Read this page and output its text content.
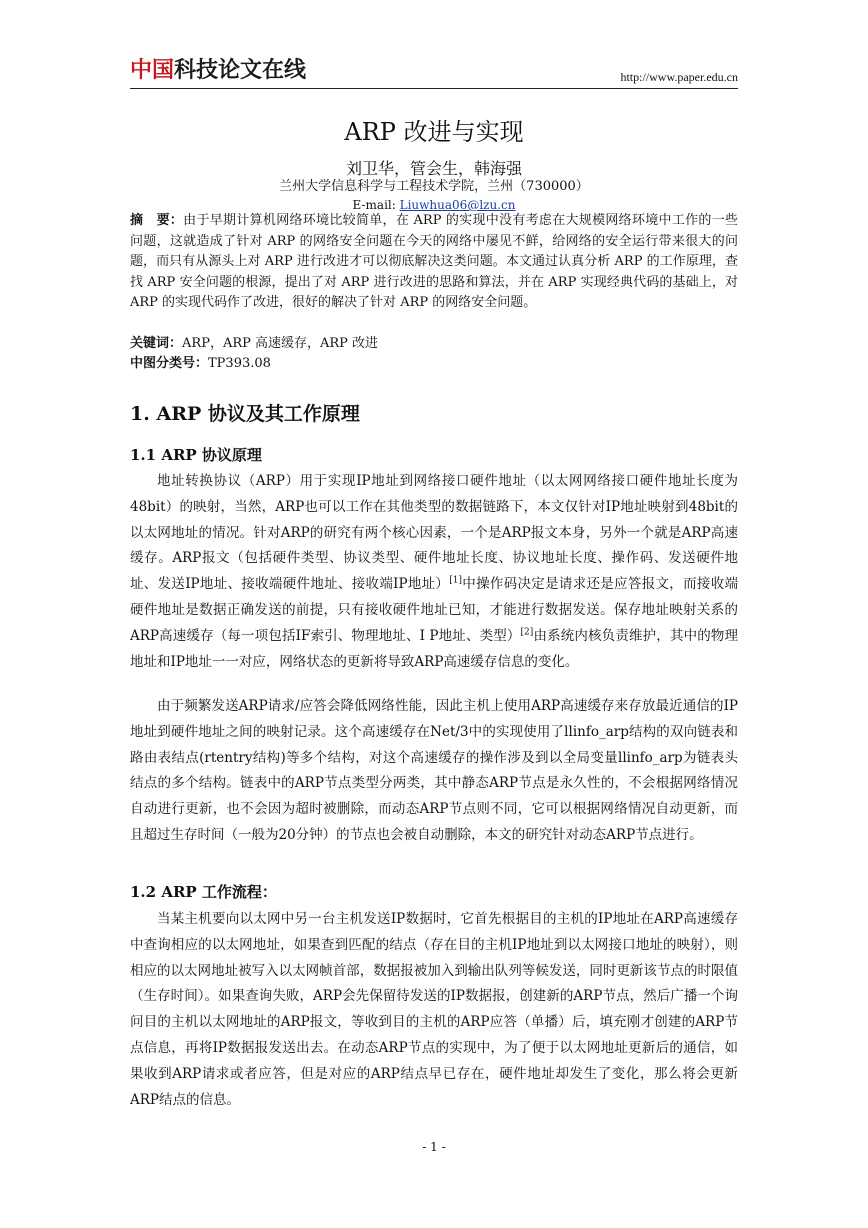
中国科技论文在线	http://www.paper.edu.cn
ARP 改进与实现
刘卫华，管会生，韩海强
兰州大学信息科学与工程技术学院，兰州（730000）
E-mail: Liuwhua06@lzu.cn
摘　要：由于早期计算机网络环境比较简单，在 ARP 的实现中没有考虑在大规模网络环境中工作的一些问题，这就造成了针对 ARP 的网络安全问题在今天的网络中屡见不鲜，给网络的安全运行带来很大的问题，而只有从源头上对 ARP 进行改进才可以彻底解决这类问题。本文通过认真分析 ARP 的工作原理，查找 ARP 安全问题的根源，提出了对 ARP 进行改进的思路和算法，并在 ARP 实现经典代码的基础上，对 ARP 的实现代码作了改进，很好的解决了针对 ARP 的网络安全问题。
关键词：ARP，ARP 高速缓存，ARP 改进
中图分类号：TP393.08
1. ARP 协议及其工作原理
1.1 ARP 协议原理

地址转换协议（ARP）用于实现IP地址到网络接口硬件地址（以太网网络接口硬件地址长度为48bit）的映射，当然，ARP也可以工作在其他类型的数据链路下，本文仅针对IP地址映射到48bit的以太网地址的情况。针对ARP的研究有两个核心因素，一个是ARP报文本身，另外一个就是ARP高速缓存。ARP报文（包括硬件类型、协议类型、硬件地址长度、协议地址长度、操作码、发送硬件地址、发送IP地址、接收端硬件地址、接收端IP地址）[1]中操作码决定是请求还是应答报文，而接收端硬件地址是数据正确发送的前提，只有接收硬件地址已知，才能进行数据发送。保存地址映射关系的ARP高速缓存（每一项包括IF索引、物理地址、I P地址、类型）[2]由系统内核负责维护，其中的物理地址和IP地址一一对应，网络状态的更新将导致ARP高速缓存信息的变化。

由于频繁发送ARP请求/应答会降低网络性能，因此主机上使用ARP高速缓存来存放最近通信的IP地址到硬件地址之间的映射记录。这个高速缓存在Net/3中的实现使用了llinfo_arp结构的双向链表和路由表结点(rtentry结构)等多个结构，对这个高速缓存的操作涉及到以全局变量llinfo_arp为链表头结点的多个结构。链表中的ARP节点类型分两类，其中静态ARP节点是永久性的，不会根据网络情况自动进行更新，也不会因为超时被删除，而动态ARP节点则不同，它可以根据网络情况自动更新，而且超过生存时间（一般为20分钟）的节点也会被自动删除，本文的研究针对动态ARP节点进行。

1.2 ARP 工作流程：

当某主机要向以太网中另一台主机发送IP数据时，它首先根据目的主机的IP地址在ARP高速缓存中查询相应的以太网地址，如果查到匹配的结点（存在目的主机IP地址到以太网接口地址的映射），则相应的以太网地址被写入以太网帧首部，数据报被加入到输出队列等候发送，同时更新该节点的时限值（生存时间）。如果查询失败，ARP会先保留待发送的IP数据报，创建新的ARP节点，然后广播一个询问目的主机以太网地址的ARP报文，等收到目的主机的ARP应答（单播）后，填充刚才创建的ARP节点信息，再将IP数据报发送出去。在动态ARP节点的实现中，为了便于以太网地址更新后的通信，如果收到ARP请求或者应答，但是对应的ARP结点早已存在，硬件地址却发生了变化，那么将会更新ARP结点的信息。

- 1 -
